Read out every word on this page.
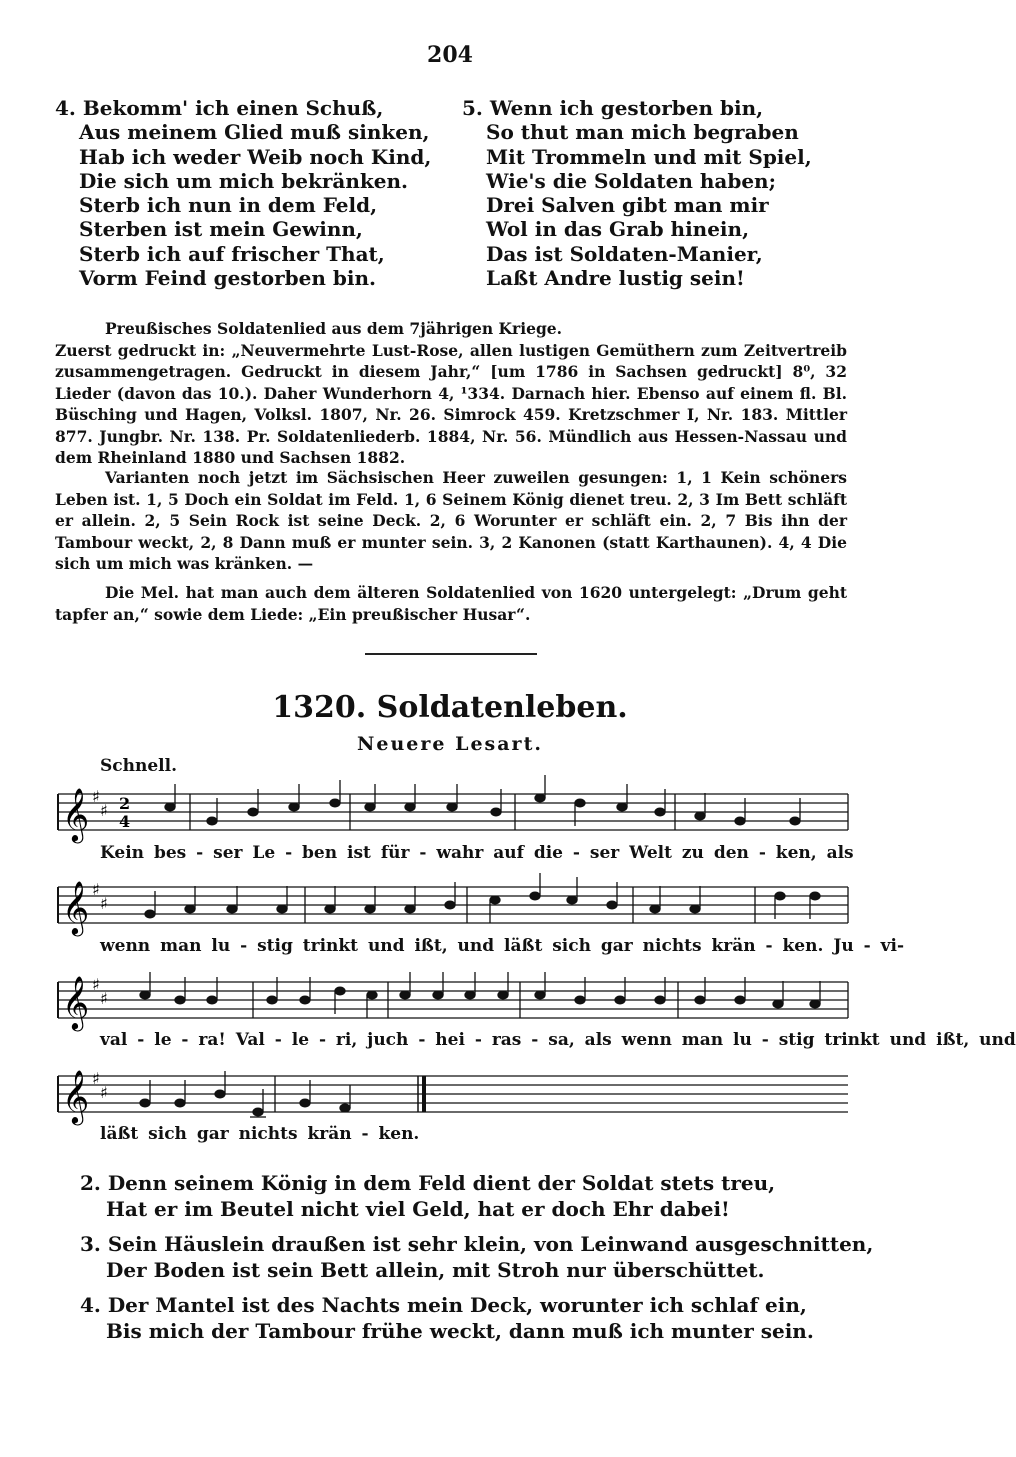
204
4. Bekomm' ich einen Schuß,
Aus meinem Glied muß sinken,
Hab ich weder Weib noch Kind,
Die sich um mich bekränken.
Sterb ich nun in dem Feld,
Sterben ist mein Gewinn,
Sterb ich auf frischer That,
Vorm Feind gestorben bin.
5. Wenn ich gestorben bin,
So thut man mich begraben
Mit Trommeln und mit Spiel,
Wie's die Soldaten haben;
Drei Salven gibt man mir
Wol in das Grab hinein,
Das ist Soldaten-Manier,
Laßt Andre lustig sein!

Preußisches Soldatenlied aus dem 7jährigen Kriege.

Zuerst gedruckt in: „Neuvermehrte Lust-Rose, allen lustigen Gemüthern zum Zeitvertreib zusammengetragen. Gedruckt in diesem Jahr,“ [um 1786 in Sachsen gedruckt] 8⁰, 32 Lieder (davon das 10.). Daher Wunderhorn 4, ¹334. Darnach hier. Ebenso auf einem fl. Bl. Büsching und Hagen, Volksl. 1807, Nr. 26. Simrock 459. Kretzschmer I, Nr. 183. Mittler 877. Jungbr. Nr. 138. Pr. Soldatenliederb. 1884, Nr. 56. Mündlich aus Hessen-Nassau und dem Rheinland 1880 und Sachsen 1882.

Varianten noch jetzt im Sächsischen Heer zuweilen gesungen: 1, 1 Kein schöners Leben ist. 1, 5 Doch ein Soldat im Feld. 1, 6 Seinem König dienet treu. 2, 3 Im Bett schläft er allein. 2, 5 Sein Rock ist seine Deck. 2, 6 Worunter er schläft ein. 2, 7 Bis ihn der Tambour weckt, 2, 8 Dann muß er munter sein. 3, 2 Kanonen (statt Karthaunen). 4, 4 Die sich um mich was kränken. —

Die Mel. hat man auch dem älteren Soldatenlied von 1620 untergelegt: „Drum geht tapfer an,“ sowie dem Liede: „Ein preußischer Husar“.

1320. Soldatenleben.
Neuere Lesart.
Schnell.
𝄞 ♯
♯ 2
4
Kein bes - ser Le - ben ist für - wahr auf die - ser Welt zu den - ken, als
𝄞 ♯
♯
wenn man lu - stig trinkt und ißt, und läßt sich gar nichts krän - ken. Ju - vi-
𝄞 ♯
♯
val - le - ra! Val - le - ri, juch - hei - ras - sa, als wenn man lu - stig trinkt und ißt, und
𝄞 ♯
♯
läßt sich gar nichts krän - ken.
2. Denn seinem König in dem Feld dient der Soldat stets treu,
Hat er im Beutel nicht viel Geld, hat er doch Ehr dabei!
3. Sein Häuslein draußen ist sehr klein, von Leinwand ausgeschnitten,
Der Boden ist sein Bett allein, mit Stroh nur überschüttet.
4. Der Mantel ist des Nachts mein Deck, worunter ich schlaf ein,
Bis mich der Tambour frühe weckt, dann muß ich munter sein.
